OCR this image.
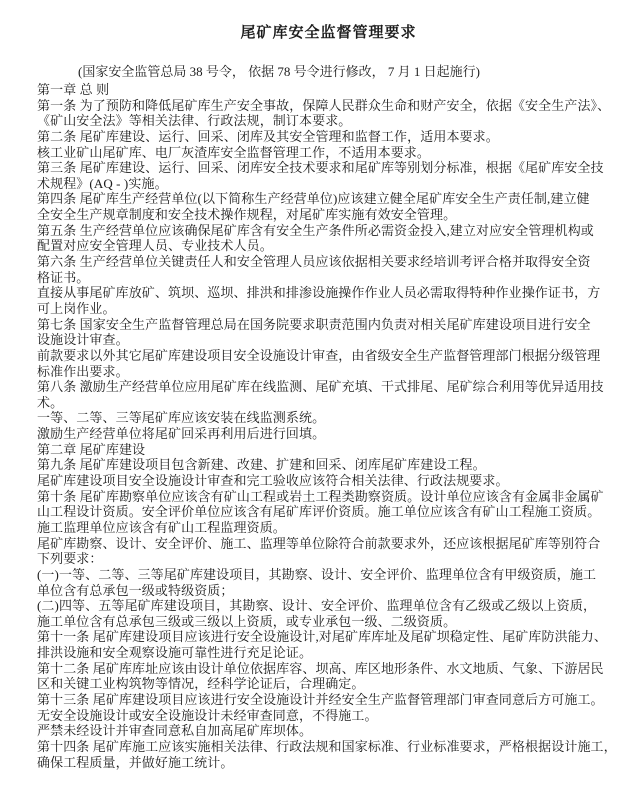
尾矿库安全监督管理要求
(国家安全监管总局 38 号令， 依据 78 号令进行修改， 7 月 1 日起施行)
第一章 总 则
第一条 为了预防和降低尾矿库生产安全事故，保障人民群众生命和财产安全，依据《安全生产法》、
《矿山安全法》等相关法律、行政法规，制订本要求。
第二条 尾矿库建设、运行、回采、闭库及其安全管理和监督工作，适用本要求。
核工业矿山尾矿库、电厂灰渣库安全监督管理工作，不适用本要求。
第三条 尾矿库建设、运行、回采、闭库安全技术要求和尾矿库等别划分标准，根据《尾矿库安全技
术规程》(AQ - )实施。
第四条 尾矿库生产经营单位(以下简称生产经营单位)应该建立健全尾矿库安全生产责任制,建立健
全安全生产规章制度和安全技术操作规程，对尾矿库实施有效安全管理。
第五条 生产经营单位应该确保尾矿库含有安全生产条件所必需资金投入,建立对应安全管理机构或
配置对应安全管理人员、专业技术人员。
第六条 生产经营单位关键责任人和安全管理人员应该依据相关要求经培训考评合格并取得安全资
格证书。
直接从事尾矿库放矿、筑坝、巡坝、排洪和排渗设施操作作业人员必需取得特种作业操作证书，方
可上岗作业。
第七条 国家安全生产监督管理总局在国务院要求职责范围内负责对相关尾矿库建设项目进行安全
设施设计审查。
前款要求以外其它尾矿库建设项目安全设施设计审查，由省级安全生产监督管理部门根据分级管理
标准作出要求。
第八条 激励生产经营单位应用尾矿库在线监测、尾矿充填、干式排尾、尾矿综合利用等优异适用技
术。
一等、二等、三等尾矿库应该安装在线监测系统。
激励生产经营单位将尾矿回采再利用后进行回填。
第二章 尾矿库建设
第九条 尾矿库建设项目包含新建、改建、扩建和回采、闭库尾矿库建设工程。
尾矿库建设项目安全设施设计审查和完工验收应该符合相关法律、行政法规要求。
第十条 尾矿库勘察单位应该含有矿山工程或岩土工程类勘察资质。设计单位应该含有金属非金属矿
山工程设计资质。安全评价单位应该含有尾矿库评价资质。施工单位应该含有矿山工程施工资质。
施工监理单位应该含有矿山工程监理资质。
尾矿库勘察、设计、安全评价、施工、监理等单位除符合前款要求外，还应该根据尾矿库等别符合
下列要求：
(一)一等、二等、三等尾矿库建设项目，其勘察、设计、安全评价、监理单位含有甲级资质，施工
单位含有总承包一级或特级资质；
(二)四等、五等尾矿库建设项目，其勘察、设计、安全评价、监理单位含有乙级或乙级以上资质，
施工单位含有总承包三级或三级以上资质，或专业承包一级、二级资质。
第十一条 尾矿库建设项目应该进行安全设施设计,对尾矿库库址及尾矿坝稳定性、尾矿库防洪能力、
排洪设施和安全观察设施可靠性进行充足论证。
第十二条 尾矿库库址应该由设计单位依据库容、坝高、库区地形条件、水文地质、气象、下游居民
区和关键工业构筑物等情况，经科学论证后，合理确定。
第十三条 尾矿库建设项目应该进行安全设施设计并经安全生产监督管理部门审查同意后方可施工。
无安全设施设计或安全设施设计未经审查同意，不得施工。
严禁未经设计并审查同意私自加高尾矿库坝体。
第十四条 尾矿库施工应该实施相关法律、行政法规和国家标准、行业标准要求，严格根据设计施工，
确保工程质量，并做好施工统计。
